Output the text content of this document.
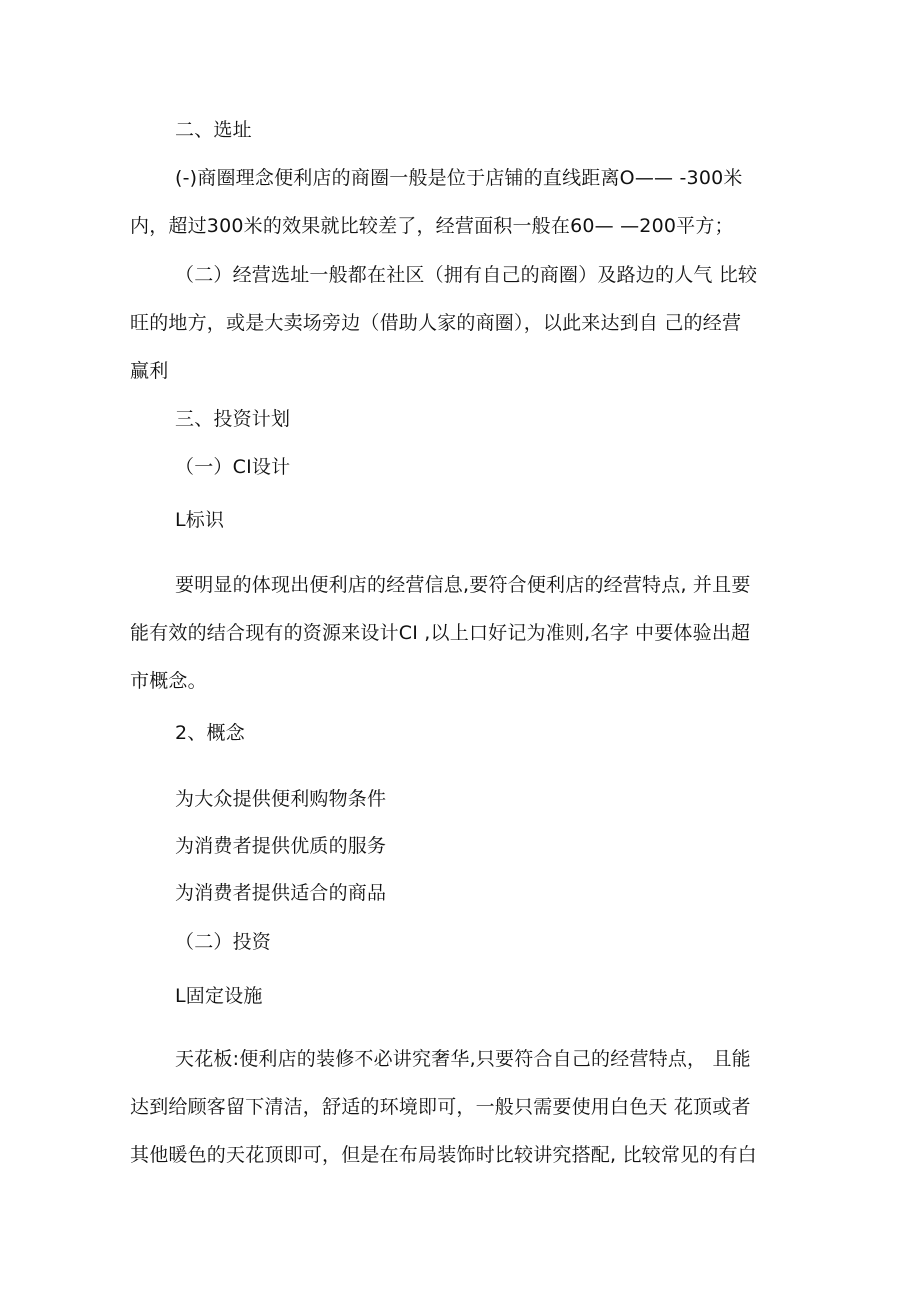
二、选址
(-)商圈理念便利店的商圈一般是位于店铺的直线距离O—— -300米
内，超过300米的效果就比较差了，经营面积一般在60— —200平方；
（二）经营选址一般都在社区（拥有自己的商圈）及路边的人气 比较
旺的地方，或是大卖场旁边（借助人家的商圈），以此来达到自 己的经营
赢利
三、投资计划
（一）CI设计
L标识
要明显的体现出便利店的经营信息,要符合便利店的经营特点, 并且要
能有效的结合现有的资源来设计CI ,以上口好记为准则,名字 中要体验出超
市概念。
2、概念
为大众提供便利购物条件
为消费者提供优质的服务
为消费者提供适合的商品
（二）投资
L固定设施
天花板:便利店的装修不必讲究奢华,只要符合自己的经营特点， 且能
达到给顾客留下清洁，舒适的环境即可，一般只需要使用白色天 花顶或者
其他暖色的天花顶即可，但是在布局装饰时比较讲究搭配, 比较常见的有白
